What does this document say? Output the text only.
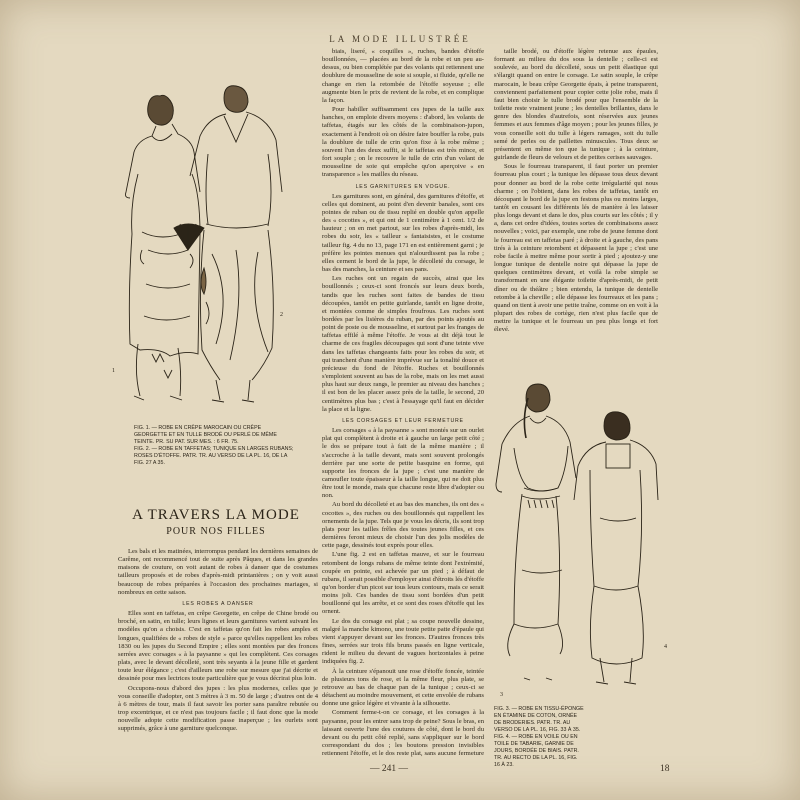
LA MODE ILLUSTRÉE
2
1
FIG. 1. — ROBE EN CRÊPE MAROCAIN OU CRÊPE GEORGETTE ET EN TULLE BRODÉ OU PERLÉ DE MÊME TEINTE. PR. SU PAT. SUR MES. : 6 FR. 75.
FIG. 2. — ROBE EN TAFFETAS; TUNIQUE EN LARGES RUBANS; ROSES D'ÉTOFFE. PATR. TR. AU VERSO DE LA PL. 16, DE LA FIG. 27 A 35.
A TRAVERS LA MODE
POUR NOS FILLES

Les bals et les matinées, interrompus pendant les dernières semaines de Carême, ont recommencé tout de suite après Pâques, et dans les grandes maisons de couture, on voit autant de robes à danser que de costumes tailleurs proposés et de robes d'après-midi printanières ; on y voit aussi beaucoup de robes préparées à l'occasion des prochaines mariages, si nombreux en cette saison.

LES ROBES A DANSER

Elles sont en taffetas, en crêpe Georgette, en crêpe de Chine brodé ou broché, en satin, en tulle; leurs lignes et leurs garnitures varient suivant les modèles qu'on a choisis. C'est en taffetas qu'on fait les robes amples et longues, qualifiées de « robes de style » parce qu'elles rappellent les robes 1830 ou les jupes du Second Empire ; elles sont montées par des fronces serrées avec corsages « à la paysanne » qui les complètent. Ces corsages plats, avec le devant décolleté, sont très seyants à la jeune fille et gardent toute leur élégance ; c'est d'ailleurs une robe sur mesure que j'ai décrite et dessinée pour mes lectrices toute particulière que je vous décrirai plus loin.

Occupons-nous d'abord des jupes : les plus modernes, celles que je vous conseille d'adopter, ont 3 mètres à 3 m. 50 de large ; d'autres ont de 4 à 6 mètres de tour, mais il faut savoir les porter sans paraître rebutée ou trop excentrique, et ce n'est pas toujours facile ; il faut donc que la mode nouvelle adopte cette modification passe inaperçue ; les ourlets sont supprimés, grâce à une garniture quelconque.

biais, liseré, « coquilles », ruches, bandes d'étoffe bouillonnées, — placées au bord de la robe et un peu au-dessus, ou bien complétée par des volants qui retiennent une doublure de mousseline de soie si souple, si fluide, qu'elle ne change en rien la retombée de l'étoffe soyeuse ; elle augmente bien le prix de revient de la robe, et en complique la façon.

Pour habiller suffisamment ces jupes de la taille aux hanches, on emploie divers moyens : d'abord, les volants de taffetas, étagés sur les côtés de la combinaison-jupon, exactement à l'endroit où on désire faire bouffer la robe, puis la doublure de tulle de crin qu'on fixe à la robe même ; souvent l'un des deux suffit, si le taffetas est très mince, et fort souple ; on le recouvre le tulle de crin d'un volant de mousseline de soie qui empêche qu'on aperçoive « en transparence » les mailles du réseau.

LES GARNITURES EN VOGUE.

Les garnitures sont, en général, des garnitures d'étoffe, et celles qui dominent, au point d'en devenir banales, sont ces pointes de ruban ou de tissu replié en double qu'on appelle des « cocottes », et qui ont de 1 centimètre à 1 cent. 1/2 de hauteur ; on en met partout, sur les robes d'après-midi, les robes du soir, les « tailleur » fantaisistes, et le costume tailleur fig. 4 du no 13, page 171 en est entièrement garni ; je préfère les pointes menues qui n'alourdissent pas la robe ; elles cernent le bord de la jupe, le décolleté du corsage, le bas des manches, la ceinture et ses pans.

Les ruches ont un regain de succès, ainsi que les bouillonnés ; ceux-ci sont froncés sur leurs deux bords, tandis que les ruches sont faites de bandes de tissu découpées, tantôt en petite guirlande, tantôt en ligne droite, et montées comme de simples froufrous. Les ruches sont bordées par les lisières du ruban, par des points ajoutés au point de poste ou de mousseline, et surtout par les franges de taffetas effilé à même l'étoffe. Je vous ai dit déjà tout le charme de ces fragiles découpages qui sont d'une teinte vive dans les taffetas changeants faits pour les robes du soir, et qui tranchent d'une manière imprévue sur la tonalité douce et précieuse du fond de l'étoffe. Ruches et bouillonnés s'emploient souvent au bas de la robe, mais on les met aussi plus haut sur deux rangs, le premier au niveau des hanches ; il est bon de les placer assez près de la taille, le second, 20 centimètres plus bas ; c'est à l'essayage qu'il faut en décider la place et la ligne.

LES CORSAGES ET LEUR FERMETURE

Les corsages « à la paysanne » sont montés sur un ourlet plat qui complètent à droite et à gauche un large petit côté ; le dos se prépare tout à fait de la même manière ; il s'accroche à la taille devant, mais sont souvent prolongés derrière par une sorte de petite basquine en forme, qui supporte les fronces de la jupe ; c'est une manière de camoufler toute épaisseur à la taille longue, qui ne doit plus être tout le monde, mais que chacune reste libre d'adopter ou non.

Au bord du décolleté et au bas des manches, ils ont des « cocottes », des ruches ou des bouillonnés qui rappellent les ornements de la jupe. Tels que je vous les décris, ils sont trop plats pour les tailles frêles des toutes jeunes filles, et ces dernières feront mieux de choisir l'un des jolis modèles de cette page, dessinés tout exprès pour elles.

L'une fig. 2 est en taffetas mauve, et sur le fourreau retombent de longs rubans de même teinte dont l'extrémité, coupée en pointe, est achevée par un pied ; à défaut de rubans, il serait possible d'employer ainsi d'étroits lés d'étoffe qu'on border d'un picot sur tous leurs contours, mais ce serait moins joli. Ces bandes de tissu sont bordées d'un petit bouillonné qui les arrête, et ce sont des roses d'étoffe qui les ornent.

Le dos du corsage est plat ; sa coupe nouvelle dessine, malgré la manche kimono, une toute petite patte d'épaule qui vient s'appuyer devant sur les fronces. D'autres fronces très fines, serrées sur trois fils bruns passés en ligne verticale, rident le milieu du devant de vagues horizontales à peine indiquées fig. 2.

À la ceinture s'épanouit une rose d'étoffe foncée, teintée de plusieurs tons de rose, et la même fleur, plus plate, se retrouve au bas de chaque pan de la tunique ; ceux-ci se détachent au moindre mouvement, et cette envolée de rubans donne une grâce légère et vivante à la silhouette.

Comment ferme-t-on ce corsage, et les corsages à la paysanne, pour les entrer sans trop de peine? Sous le bras, en laissant ouverte l'une des coutures de côté, dont le bord du devant ou du petit côté replié, sans s'appliquer sur le bord correspondant du dos ; les boutons pression invisibles retiennent l'étoffe, et le dos reste plat, sans aucune fermeture

taille brodé, ou d'étoffe légère retenue aux épaules, formant au milieu du dos sous la dentelle ; celle-ci est soulevée, au bord du décolleté, sous un petit élastique qui s'élargit quand on entre le corsage. Le satin souple, le crêpe marocain, le beau crêpe Georgette épais, à peine transparent, conviennent parfaitement pour copier cette jolie robe, mais il faut bien choisir le tulle brodé pour que l'ensemble de la toilette reste vraiment jeune ; les dentelles brillantes, dans le genre des blondes d'autrefois, sont réservées aux jeunes femmes et aux femmes d'âge moyen ; pour les jeunes filles, je vous conseille soit du tulle à légers ramages, soit du tulle semé de perles ou de paillettes minuscules. Tous deux se présentent en même ton que la tunique ; à la ceinture, guirlande de fleurs de velours et de petites cerises sauvages.

Sous le fourreau transparent, il faut porter un premier fourreau plus court ; la tunique les dépasse tous deux devant pour donner au bord de la robe cette irrégularité qui nous charme ; on l'obtient, dans les robes de taffetas, tantôt en découpant le bord de la jupe en festons plus ou moins larges, tantôt en cousant les différents lés de manière à les laisser plus longs devant et dans le dos, plus courts sur les côtés ; il y a, dans cet ordre d'idées, toutes sortes de combinaisons assez nouvelles ; voici, par exemple, une robe de jeune femme dont le fourreau est en taffetas paré ; à droite et à gauche, des pans tirés à la ceinture retombent et dépassent la jupe ; c'est une robe facile à mettre même pour sortir à pied ; ajoutez-y une longue tunique de dentelle noire qui dépasse la jupe de quelques centimètres devant, et voilà la robe simple se transformant en une élégante toilette d'après-midi, de petit dîner ou de théâtre ; bien entendu, la tunique de dentelle retombe à la cheville ; elle dépasse les fourreaux et les pans ; quand on tient à avoir une petite traîne, comme on en voit à la plupart des robes de cortège, rien n'est plus facile que de mettre la tunique et le fourreau un peu plus longs et fort élevé.

3
4
FIG. 3. — ROBE EN TISSU-ÉPONGE EN ÉTAMINE DE COTON, ORNÉE DE BRODERIES. PATR. TR. AU VERSO DE LA PL. 16, FIG. 33 À 35.
FIG. 4. — ROBE EN VOILE OU EN TOILE DE TABARIE, GARNIE DE JOURS, BORDÉE DE BIAIS. PATR. TR. AU RECTO DE LA PL. 16, FIG. 16 À 23.
— 241 —	18
